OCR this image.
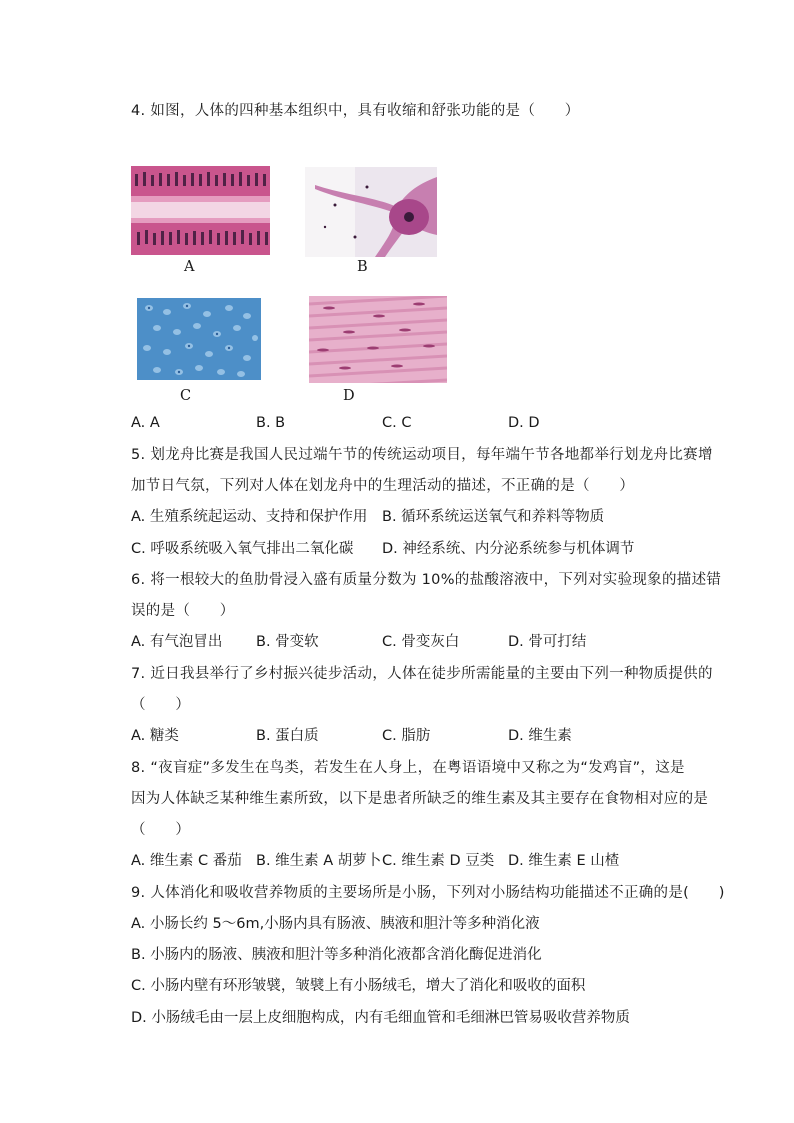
4. 如图，人体的四种基本组织中，具有收缩和舒张功能的是（　　）
A	B
C	D
A. A	B. B	C. C	D. D
5. 划龙舟比赛是我国人民过端午节的传统运动项目，每年端午节各地都举行划龙舟比赛增
加节日气氛，下列对人体在划龙舟中的生理活动的描述，不正确的是（　　）
A. 生殖系统起运动、支持和保护作用 B. 循环系统运送氧气和养料等物质
C. 呼吸系统吸入氧气排出二氧化碳 D. 神经系统、内分泌系统参与机体调节
6. 将一根较大的鱼肋骨浸入盛有质量分数为 10%的盐酸溶液中，下列对实验现象的描述错
误的是（　　）
A. 有气泡冒出 B. 骨变软	C. 骨变灰白	D. 骨可打结
7. 近日我县举行了乡村振兴徒步活动，人体在徒步所需能量的主要由下列一种物质提供的
（　　）
A. 糖类	B. 蛋白质	C. 脂肪	D. 维生素
8. “夜盲症”多发生在鸟类，若发生在人身上，在粤语语境中又称之为“发鸡盲”，这是
因为人体缺乏某种维生素所致，以下是患者所缺乏的维生素及其主要存在食物相对应的是
（　　）
A. 维生素 C 番茄 B. 维生素 A 胡萝卜 C. 维生素 D 豆类 D. 维生素 E 山楂
9. 人体消化和吸收营养物质的主要场所是小肠，下列对小肠结构功能描述不正确的是(　　)
A. 小肠长约 5～6m,小肠内具有肠液、胰液和胆汁等多种消化液
B. 小肠内的肠液、胰液和胆汁等多种消化液都含消化酶促进消化
C. 小肠内壁有环形皱襞，皱襞上有小肠绒毛，增大了消化和吸收的面积
D. 小肠绒毛由一层上皮细胞构成，内有毛细血管和毛细淋巴管易吸收营养物质
